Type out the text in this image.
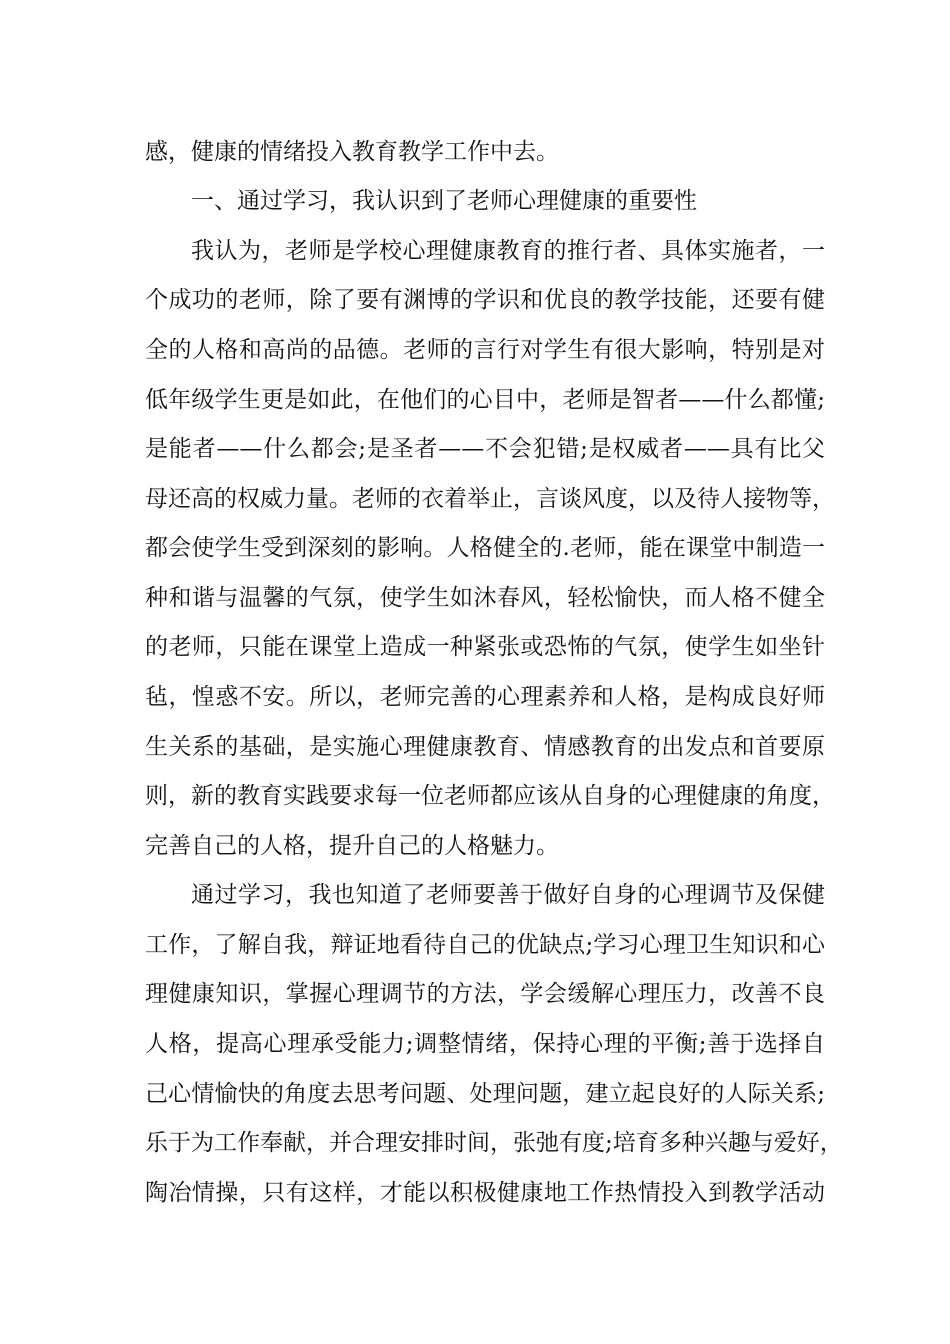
感，健康的情绪投入教育教学工作中去。
一、通过学习，我认识到了老师心理健康的重要性
我认为，老师是学校心理健康教育的推行者、具体实施者，一
个成功的老师，除了要有渊博的学识和优良的教学技能，还要有健
全的人格和高尚的品德。老师的言行对学生有很大影响，特别是对
低年级学生更是如此，在他们的心目中，老师是智者——什么都懂;
是能者——什么都会;是圣者——不会犯错;是权威者——具有比父
母还高的权威力量。老师的衣着举止，言谈风度，以及待人接物等，
都会使学生受到深刻的影响。人格健全的.老师，能在课堂中制造一
种和谐与温馨的气氛，使学生如沐春风，轻松愉快，而人格不健全
的老师，只能在课堂上造成一种紧张或恐怖的气氛，使学生如坐针
毡，惶惑不安。所以，老师完善的心理素养和人格，是构成良好师
生关系的基础，是实施心理健康教育、情感教育的出发点和首要原
则，新的教育实践要求每一位老师都应该从自身的心理健康的角度，
完善自己的人格，提升自己的人格魅力。
通过学习，我也知道了老师要善于做好自身的心理调节及保健
工作，了解自我，辩证地看待自己的优缺点;学习心理卫生知识和心
理健康知识，掌握心理调节的方法，学会缓解心理压力，改善不良
人格，提高心理承受能力;调整情绪，保持心理的平衡;善于选择自
己心情愉快的角度去思考问题、处理问题，建立起良好的人际关系;
乐于为工作奉献，并合理安排时间，张弛有度;培育多种兴趣与爱好，
陶冶情操，只有这样，才能以积极健康地工作热情投入到教学活动
